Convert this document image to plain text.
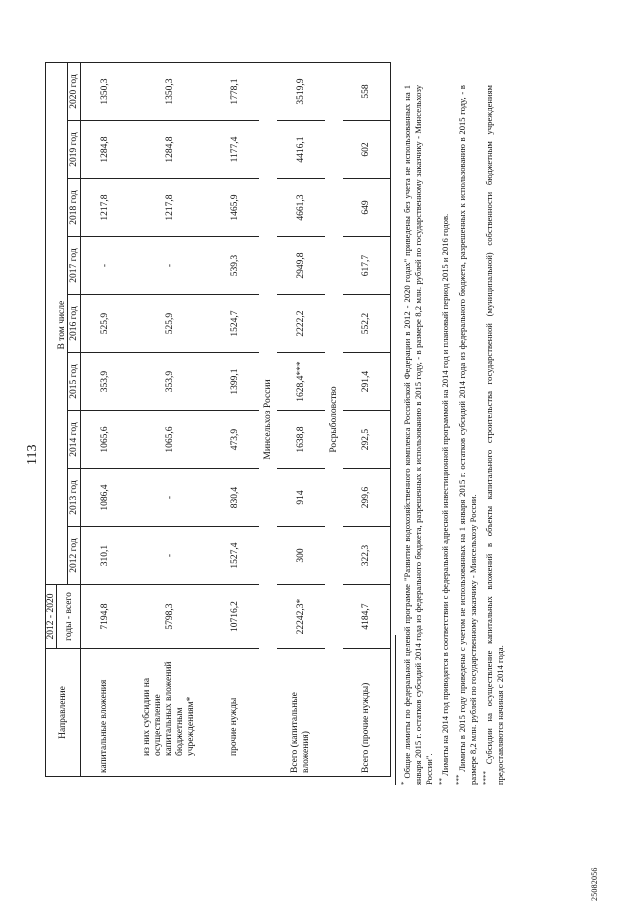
113
Направление	2012 - 2020									
	годы - всего					В том числе				
		2012 год	2013 год	2014 год	2015 год	2016 год	2017 год	2018 год	2019 год	2020 год
капитальные вложения	7194,8	310,1	1086,4	1065,6	353,9	525,9	-	1217,8	1284,8	1350,3
из них субсидии на осуществление капитальных вложений бюджетным учреждениям*	5798,3	-	-	1065,6	353,9	525,9	-	1217,8	1284,8	1350,3
прочие нужды	10716,2	1527,4	830,4	473,9	1399,1	1524,7	539,3	1465,9	1177,4	1778,1
Минсельхоз России										
Всего (капитальные вложения)	22242,3*	300	914	1638,8	1628,4***	2222,2	2949,8	4661,3	4416,1	3519,9
Росрыболовство										
Всего (прочие нужды)	4184,7	322,3	299,6	292,5	291,4	552,2	617,7	649	602	558

* Общие лимиты по федеральной целевой программе "Развитие водохозяйственного комплекса Российской Федерации в 2012 - 2020 годах" приведены без учета не использованных на 1 января 2015 г. остатков субсидий 2014 года из федерального бюджета, разрешенных к использованию в 2015 году, - в размере 8,2 млн. рублей по государственному заказчику - Минсельхозу России". ** Лимиты на 2014 год приводятся в соответствии с федеральной адресной инвестиционной программой на 2014 год и плановый период 2015 и 2016 годов.

*** Лимиты в 2015 году приведены с учетом не использованных на 1 января 2015 г. остатков субсидий 2014 года из федерального бюджета, разрешенных к использованию в 2015 году, - в размере 8,2 млн. рублей по государственному заказчику - Минсельхозу России. **** Субсидии на осуществление капитальных вложений в объекты капитального строительства государственной (муниципальной) собственности бюджетным учреждениям предоставляются начиная с 2014 года.

25082056
